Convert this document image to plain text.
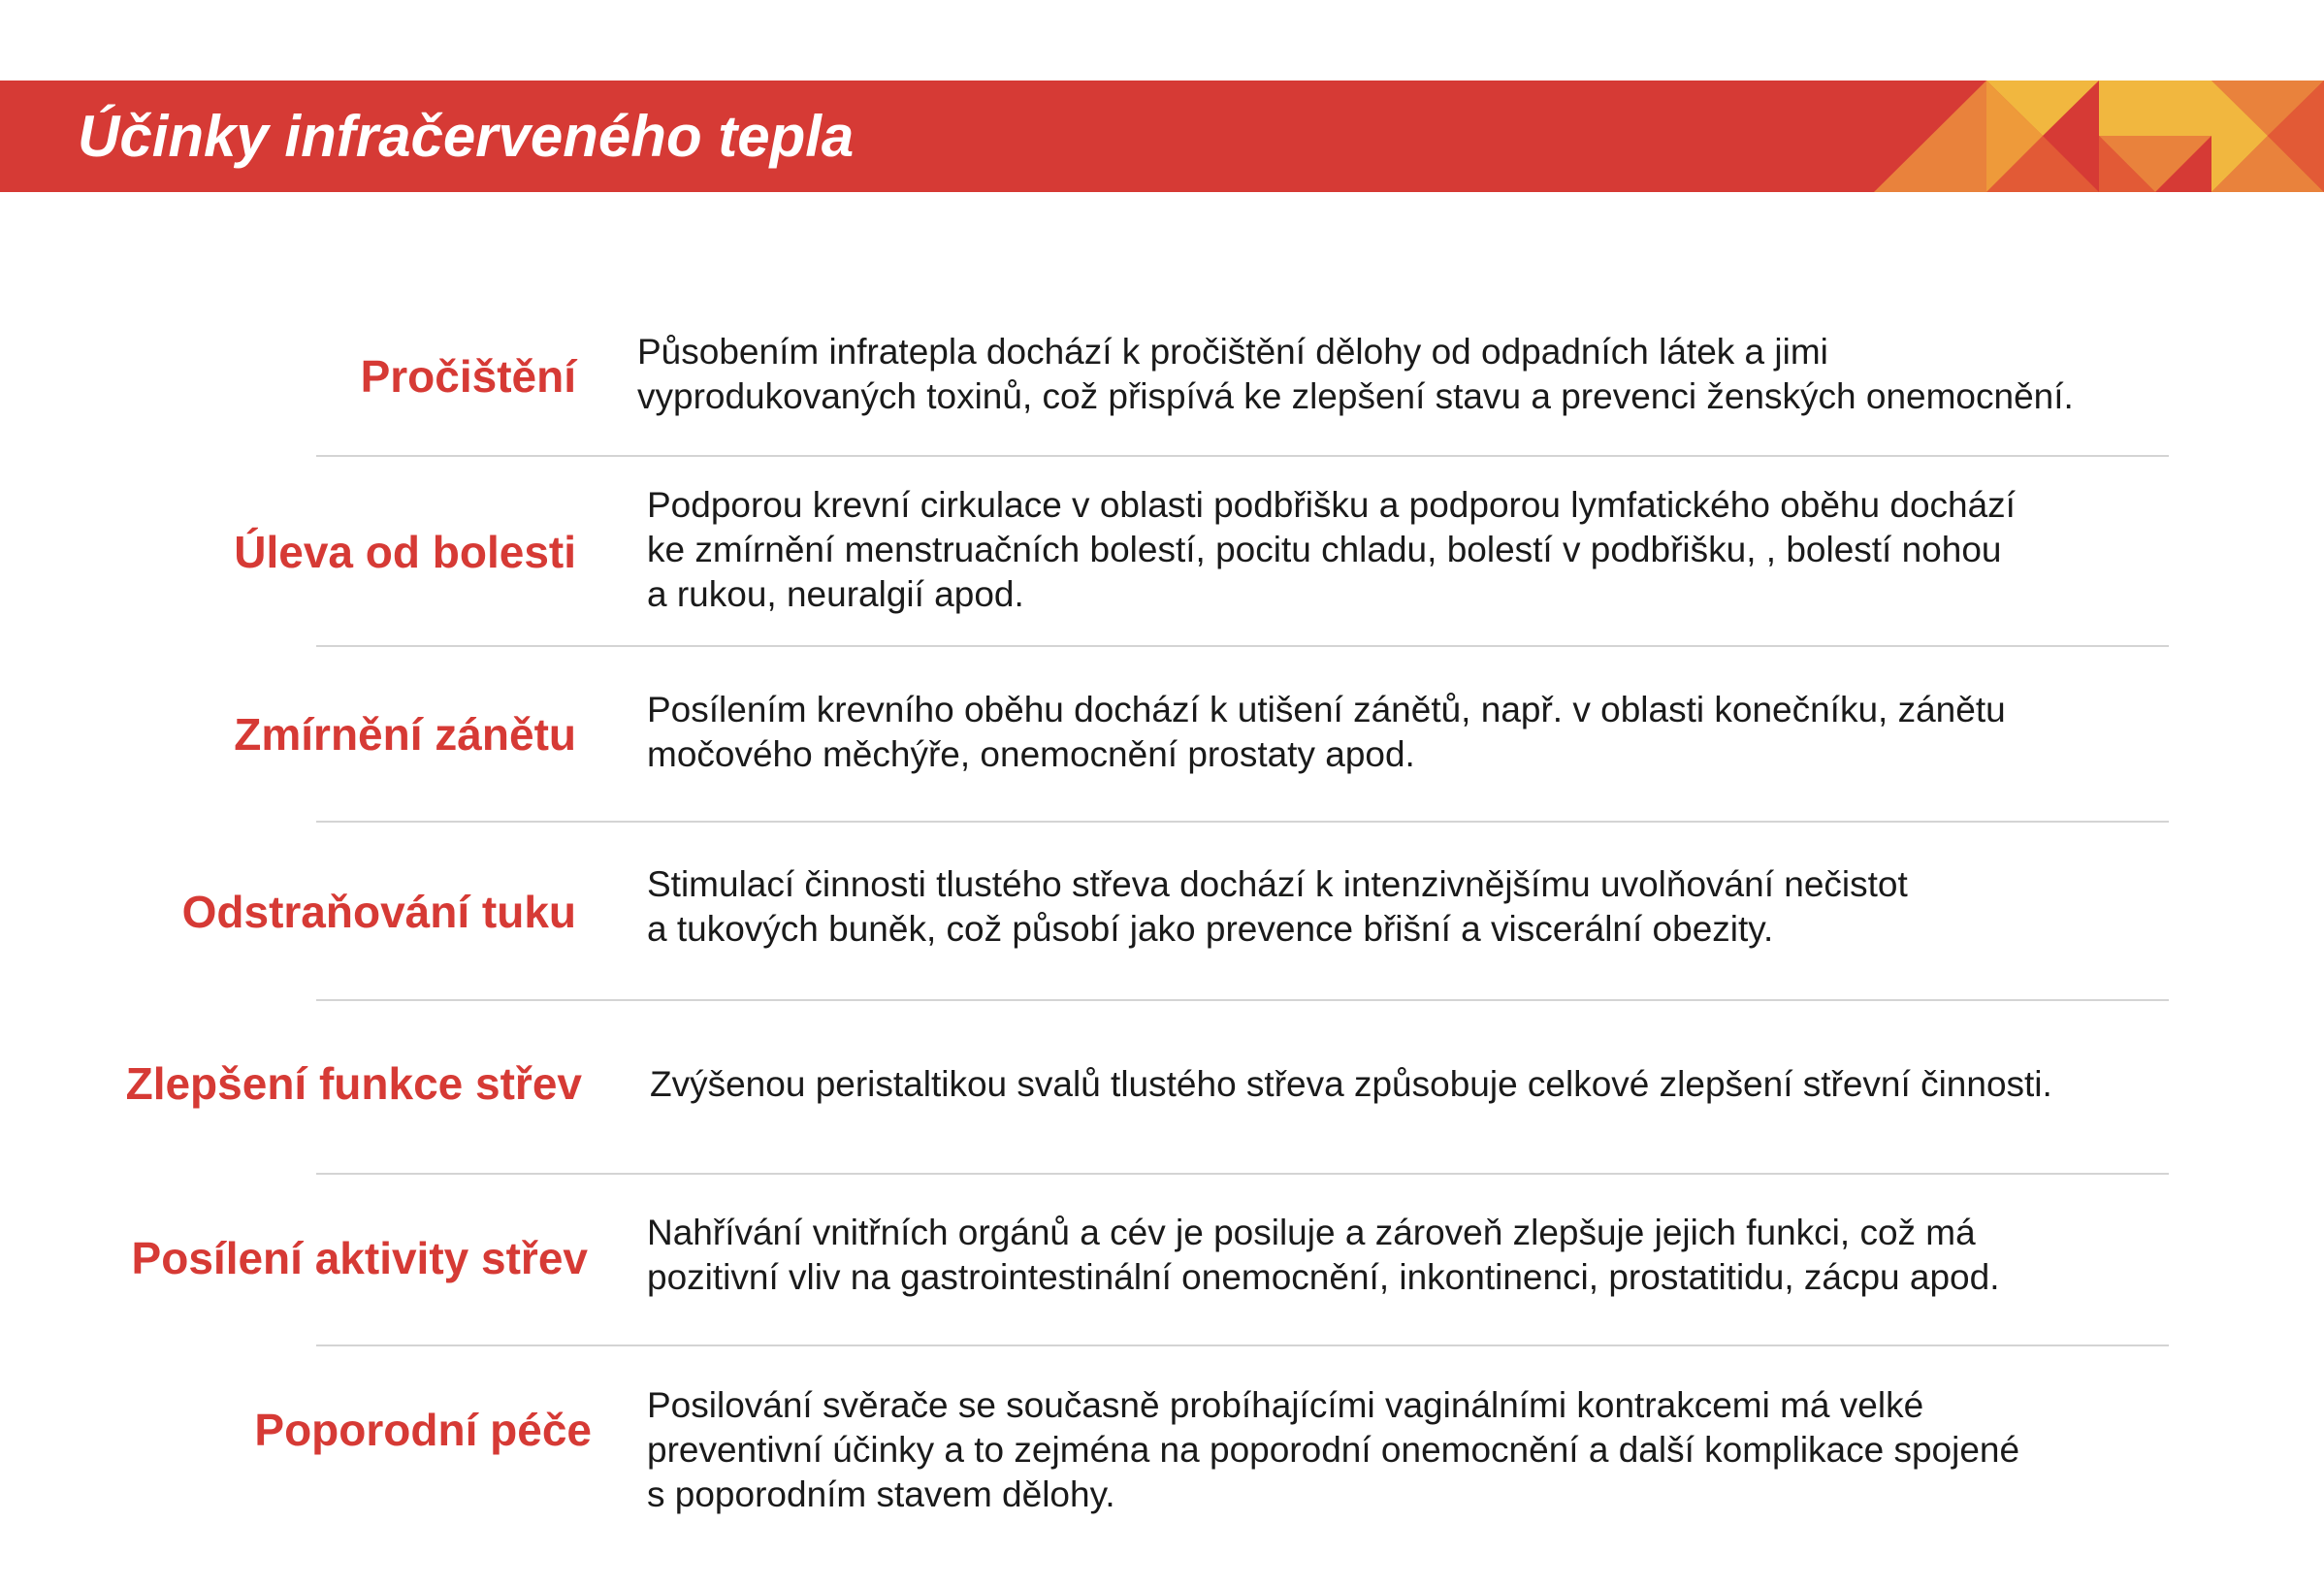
Účinky infračerveného tepla
Pročištění Působením infratepla dochází k pročištění dělohy od odpadních látek a jimi
vyprodukovaných toxinů, což přispívá ke zlepšení stavu a prevenci ženských onemocnění.
Úleva od bolesti
Podporou krevní cirkulace v oblasti podbřišku a podporou lymfatického oběhu dochází
ke zmírnění menstruačních bolestí, pocitu chladu, bolestí v podbřišku, , bolestí nohou
a rukou, neuralgií apod.
Zmírnění zánětu Posílením krevního oběhu dochází k utišení zánětů, např. v oblasti konečníku, zánětu
močového měchýře, onemocnění prostaty apod.
Odstraňování tuku
Stimulací činnosti tlustého střeva dochází k intenzivnějšímu uvolňování nečistot
a tukových buněk, což působí jako prevence břišní a viscerální obezity.
Zlepšení funkce střev Zvýšenou peristaltikou svalů tlustého střeva způsobuje celkové zlepšení střevní činnosti.
Posílení aktivity střev
Nahřívání vnitřních orgánů a cév je posiluje a zároveň zlepšuje jejich funkci, což má
pozitivní vliv na gastrointestinální onemocnění, inkontinenci, prostatitidu, zácpu apod.
Poporodní péče Posilování svěrače se současně probíhajícími vaginálními kontrakcemi má velké
preventivní účinky a to zejména na poporodní onemocnění a další komplikace spojené
s poporodním stavem dělohy.
